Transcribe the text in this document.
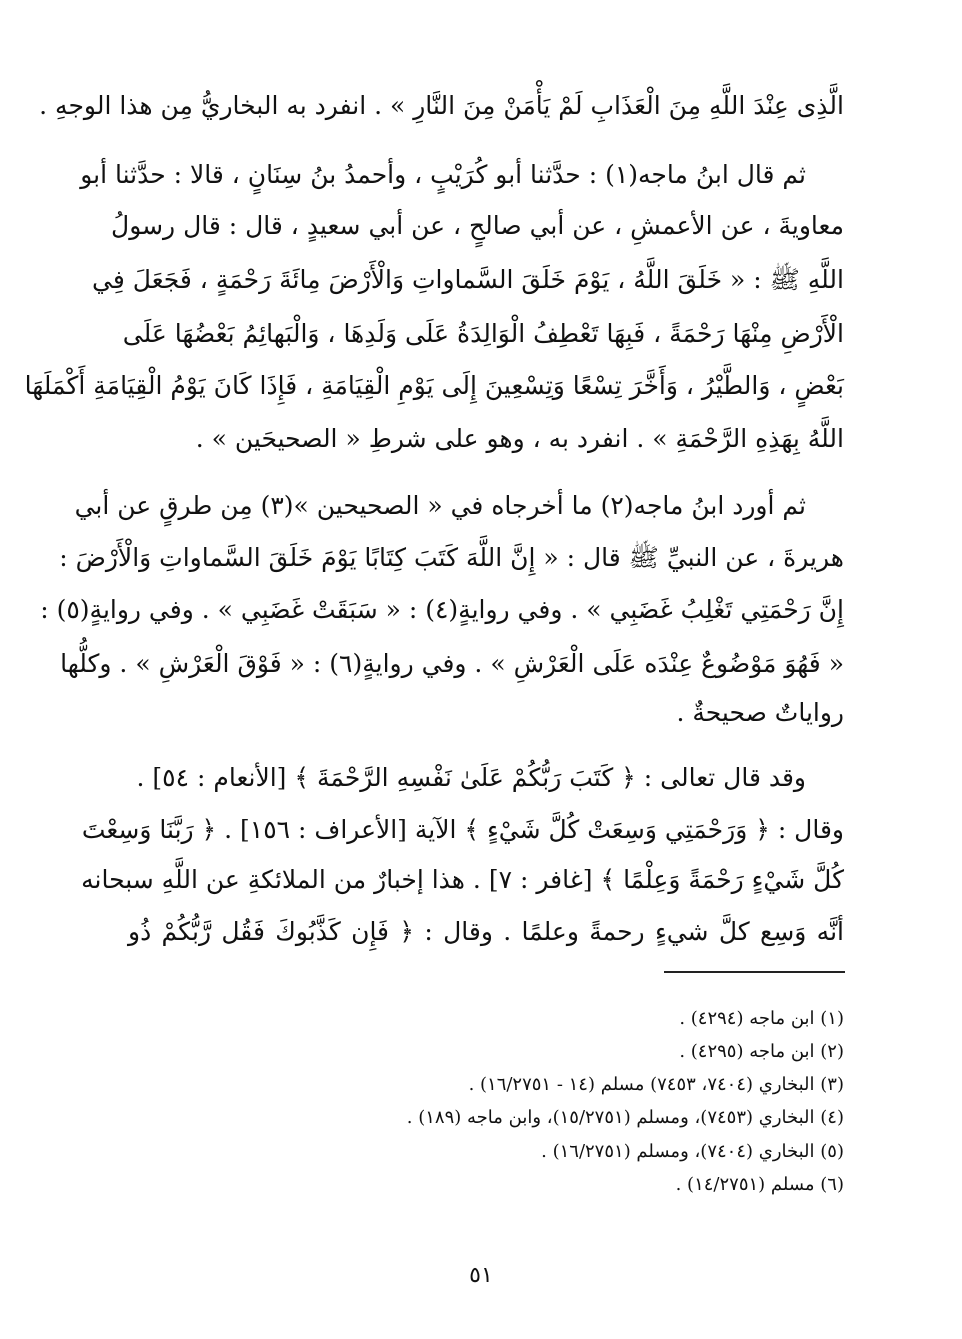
الَّذِى عِنْدَ اللَّهِ مِنَ الْعَذَابِ لَمْ يَأْمَنْ مِنَ النَّارِ » . انفرد به البخاريُّ مِن هذا الوجهِ .
ثم قال ابنُ ماجه(١) : حدَّثنا أبو كُرَيْبٍ ، وأحمدُ بنُ سِنَانٍ ، قالا : حدَّثنا أبو
معاويةَ ، عن الأعمشِ ، عن أبي صالحٍ ، عن أبي سعيدٍ ، قال : قال رسولُ
اللَّهِ ﷺ : « خَلَقَ اللَّهُ ، يَوْمَ خَلَقَ السَّماواتِ وَالْأَرْضَ مِائَةَ رَحْمَةٍ ، فَجَعَلَ فِي
الْأَرْضِ مِنْهَا رَحْمَةً ، فَبِهَا تَعْطِفُ الْوَالِدَةُ عَلَى وَلَدِهَا ، وَالْبَهائِمُ بَعْضُهَا عَلَى
بَعْضٍ ، وَالطَّيْرُ ، وَأَخَّرَ تِسْعًا وَتِسْعِينَ إِلَى يَوْمِ الْقِيَامَةِ ، فَإِذَا كَانَ يَوْمُ الْقِيَامَةِ أَكْمَلَهَا
اللَّهُ بِهَذِهِ الرَّحْمَةِ » . انفرد به ، وهو على شرطِ « الصحيحَين » .
ثم أورد ابنُ ماجه(٢) ما أخرجاه في « الصحيحين »(٣) مِن طرقٍ عن أبي
هريرةَ ، عن النبيِّ ﷺ قال : « إِنَّ اللَّهَ كَتَبَ كِتَابًا يَوْمَ خَلَقَ السَّماواتِ وَالْأَرْضَ :
إِنَّ رَحْمَتِي تَغْلِبُ غَضَبِي » . وفي روايةٍ(٤) : « سَبَقَتْ غَضَبِي » . وفي روايةٍ(٥) :
« فَهُوَ مَوْضُوعٌ عِنْدَه عَلَى الْعَرْشِ » . وفي روايةٍ(٦) : « فَوْقَ الْعَرْشِ » . وكلُّها
رواياتٌ صحيحةٌ .
وقد قال تعالى : ﴿ كَتَبَ رَبُّكُمْ عَلَىٰ نَفْسِهِ الرَّحْمَةَ ﴾ [الأنعام : ٥٤] .
وقال : ﴿ وَرَحْمَتِي وَسِعَتْ كُلَّ شَيْءٍ ﴾ الآية [الأعراف : ١٥٦] . ﴿ رَبَّنَا وَسِعْتَ
كُلَّ شَيْءٍ رَحْمَةً وَعِلْمًا ﴾ [غافر : ٧] . هذا إخبارٌ من الملائكةِ عن اللَّهِ سبحانه
أنَّه وَسِع كلَّ شيءٍ رحمةً وعلمًا . وقال : ﴿ فَإِن كَذَّبُوكَ فَقُل رَّبُّكُمْ ذُو
(١) ابن ماجه (٤٢٩٤) .
(٢) ابن ماجه (٤٢٩٥) .
(٣) البخاري (٧٤٠٤، ٧٤٥٣) مسلم (١٤ - ١٦/٢٧٥١) .
(٤) البخاري (٧٤٥٣)، ومسلم (١٥/٢٧٥١)، وابن ماجه (١٨٩) .
(٥) البخاري (٧٤٠٤)، ومسلم (١٦/٢٧٥١) .
(٦) مسلم (١٤/٢٧٥١) .
٥١
